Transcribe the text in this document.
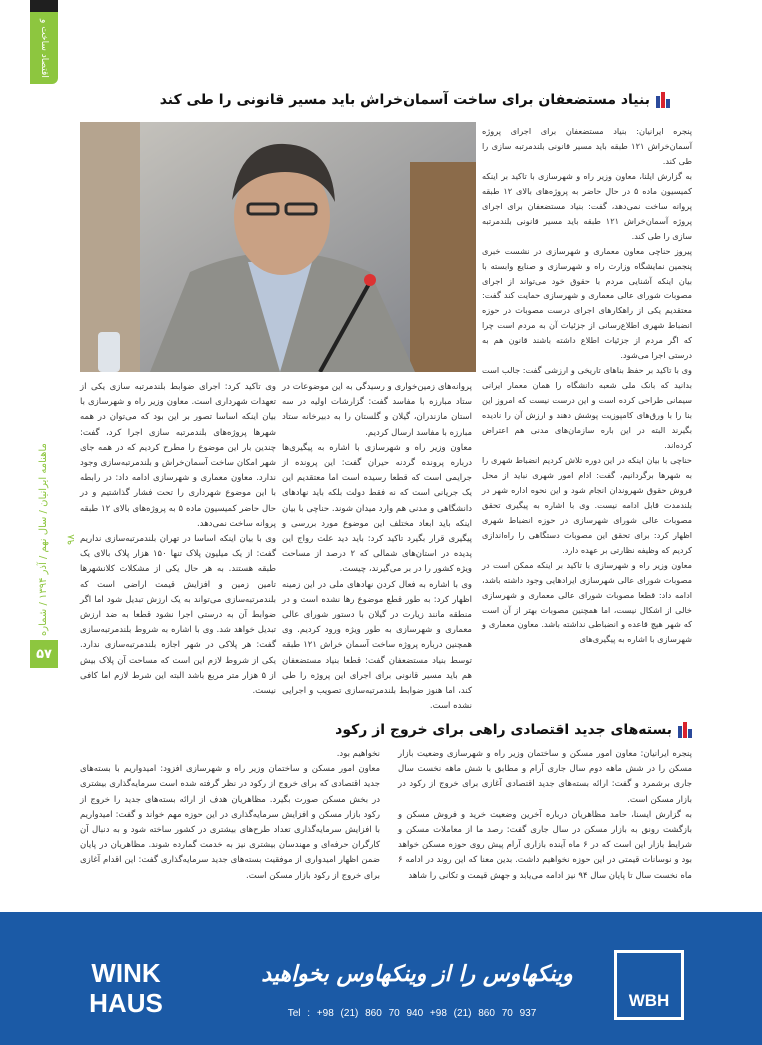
اقتصاد ساخت و ساز
ماهنامه ایرانیان / سال نهم / آذر ۱۳۹۴ / شماره ۹۸
۵۷
بنیاد مستضعفان برای ساخت آسمان‌خراش باید مسیر قانونی را طی کند
پنجره ایرانیان: بنیاد مستضعفان برای اجرای پروژه آسمان‌خراش ۱۲۱ طبقه باید مسیر قانونی بلندمرتبه سازی را طی کند.
به گزارش ایلنا، معاون وزیر راه و شهرسازی با تاکید بر اینکه کمیسیون ماده ۵ در حال حاضر به پروژه‌های بالای ۱۲ طبقه پروانه ساخت نمی‌دهد، گفت: بنیاد مستضعفان برای اجرای پروژه آسمان‌خراش ۱۲۱ طبقه باید مسیر قانونی بلندمرتبه سازی را طی کند.
پیروز حناچی معاون معماری و شهرسازی در نشست خبری پنجمین نمایشگاه وزارت راه و شهرسازی و صنایع وابسته با بیان اینکه آشنایی مردم با حقوق خود می‌تواند از اجرای مصوبات شورای عالی معماری و شهرسازی حمایت کند گفت: معتقدیم یکی از راهکارهای اجرای درست مصوبات در حوزه انضباط شهری اطلاع‌رسانی از جزئیات آن به مردم است چرا که اگر مردم از جزئیات اطلاع داشته باشند قانون هم به درستی اجرا می‌شود.
وی با تاکید بر حفظ بناهای تاریخی و ارزشی گفت: جالب است بدانید که بانک ملی شعبه دانشگاه را همان معمار ایرانی سیمانی طراحی کرده است و این درست نیست که امروز این بنا را با ورق‌های کامپوزیت پوشش دهند و ارزش آن را نادیده بگیرند البته در این باره سازمان‌های مدنی هم اعتراض کرده‌اند.
حناچی با بیان اینکه در این دوره تلاش کردیم انضباط شهری را به شهرها برگردانیم، گفت: ادام امور شهری نباید از محل فروش حقوق شهروندان انجام شود و این نحوه اداره شهر در بلندمدت قابل ادامه نیست. وی با اشاره به پیگیری تحقق مصوبات عالی شورای شهرسازی در حوزه انضباط شهری اظهار کرد: برای تحقق این مصوبات دستگاهی را راه‌اندازی کردیم که وظیفه نظارتی بر عهده دارد.
معاون وزیر راه و شهرسازی با تاکید بر اینکه ممکن است در مصوبات شورای عالی شهرسازی ایرادهایی وجود داشته باشد، ادامه داد: قطعا مصوبات شورای عالی معماری و شهرسازی خالی از اشکال نیست، اما همچنین مصوبات بهتر از آن است که شهر هیچ قاعده و انضباطی نداشته باشد. معاون معماری و شهرسازی با اشاره به پیگیری‌های
پروانه‌های زمین‌خواری و رسیدگی به این موضوعات در ستاد مبارزه با مفاسد گفت: گزارشات اولیه در سه استان مازندران، گیلان و گلستان را به دبیرخانه ستاد مبارزه با مفاسد ارسال کردیم.
معاون وزیر راه و شهرسازی با اشاره به پیگیری‌ها درباره پرونده گردنه حیران گفت: این پرونده از جرایمی است که قطعا رسیده است اما معتقدیم این یک جریانی است که نه فقط دولت بلکه باید نهادهای دانشگاهی و مدنی هم وارد میدان شوند. حناچی با بیان اینکه باید ابعاد مختلف این موضوع مورد بررسی و پیگیری قرار بگیرد تاکید کرد: باید دید علت رواج این پدیده در استان‌های شمالی که ۲ درصد از مساحت ویژه کشور را در بر می‌گیرند، چیست.
وی با اشاره به فعال کردن نهادهای ملی در این زمینه اظهار کرد: به طور قطع موضوع رها نشده است و در منطقه مانند زیارت در گیلان با دستور شورای عالی معماری و شهرسازی به طور ویژه ورود کردیم. وی همچنین درباره پروژه ساخت آسمان خراش ۱۲۱ طبقه توسط بنیاد مستضعفان گفت: قطعا بنیاد مستضعفان هم باید مسیر قانونی برای اجرای این پروژه را طی کند، اما هنوز ضوابط بلندمرتبه‌سازی تصویب و اجرایی نشده است.
وی تاکید کرد: اجرای ضوابط بلندمرتبه سازی یکی از تعهدات شهرداری است. معاون وزیر راه و شهرسازی با بیان اینکه اساسا تصور بر این بود که می‌توان در همه شهرها پروژه‌های بلندمرتبه سازی اجرا کرد، گفت: چندین بار این موضوع را مطرح کردیم که در همه جای شهر امکان ساخت آسمان‌خراش و بلندمرتبه‌سازی وجود ندارد. معاون معماری و شهرسازی ادامه داد: در رابطه با این موضوع شهرداری را تحت فشار گذاشتیم و در حال حاضر کمیسیون ماده ۵ به پروژه‌های بالای ۱۲ طبقه پروانه ساخت نمی‌دهد.
وی با بیان اینکه اساسا در تهران بلندمرتبه‌سازی نداریم گفت: از یک میلیون پلاک تنها ۱۵۰ هزار پلاک بالای یک طبقه هستند. به هر حال یکی از مشکلات کلانشهرها تامین زمین و افزایش قیمت اراضی است که بلندمرتبه‌سازی می‌تواند به یک ارزش تبدیل شود اما اگر ضوابط آن به درستی اجرا نشود قطعا به ضد ارزش تبدیل خواهد شد. وی با اشاره به شروط بلندمرتبه‌سازی گفت: هر پلاکی در شهر اجازه بلندمرتبه‌سازی ندارد. یکی از شروط لازم این است که مساحت آن پلاک بیش از ۵ هزار متر مربع باشد البته این شرط لازم اما کافی نیست.
بسته‌های جدید اقتصادی راهی برای خروج از رکود
پنجره ایرانیان: معاون امور مسکن و ساختمان وزیر راه و شهرسازی وضعیت بازار مسکن را در شش ماهه دوم سال جاری آرام و مطابق با شش ماهه نخست سال جاری برشمرد و گفت: ارائه بسته‌های جدید اقتصادی آغازی برای خروج از رکود در بازار مسکن است.
به گزارش ایسنا، حامد مظاهریان درباره آخرین وضعیت خرید و فروش مسکن و بازگشت رونق به بازار مسکن در سال جاری گفت: رصد ما از معاملات مسکن و شرایط بازار این است که در ۶ ماه آینده بازاری آرام پیش روی حوزه مسکن خواهد بود و نوسانات قیمتی در این حوزه نخواهیم داشت. بدین معنا که این روند در ادامه ۶ ماه نخست سال تا پایان سال ۹۴ نیز ادامه می‌یابد و جهش قیمت و تکانی را شاهد
نخواهیم بود.
معاون امور مسکن و ساختمان وزیر راه و شهرسازی افزود: امیدواریم با بسته‌های جدید اقتصادی که برای خروج از رکود در نظر گرفته شده است سرمایه‌گذاری بیشتری در بخش مسکن صورت بگیرد. مظاهریان هدف از ارائه بسته‌های جدید را خروج از رکود بازار مسکن و افزایش سرمایه‌گذاری در این حوزه مهم خواند و گفت: امیدواریم با افزایش سرمایه‌گذاری تعداد طرح‌های بیشتری در کشور ساخته شود و به دنبال آن کارگران حرفه‌ای و مهندسان بیشتری نیز به خدمت گمارده شوند. مظاهریان در پایان ضمن اظهار امیدواری از موفقیت بسته‌های جدید سرمایه‌گذاری گفت: این اقدام آغازی برای خروج از رکود بازار مسکن است.
WBH
WINK
HAUS
وینکهاوس را از وینکهاوس بخواهید
Tel : +98 (21) 860 70 940 +98 (21) 860 70 937
